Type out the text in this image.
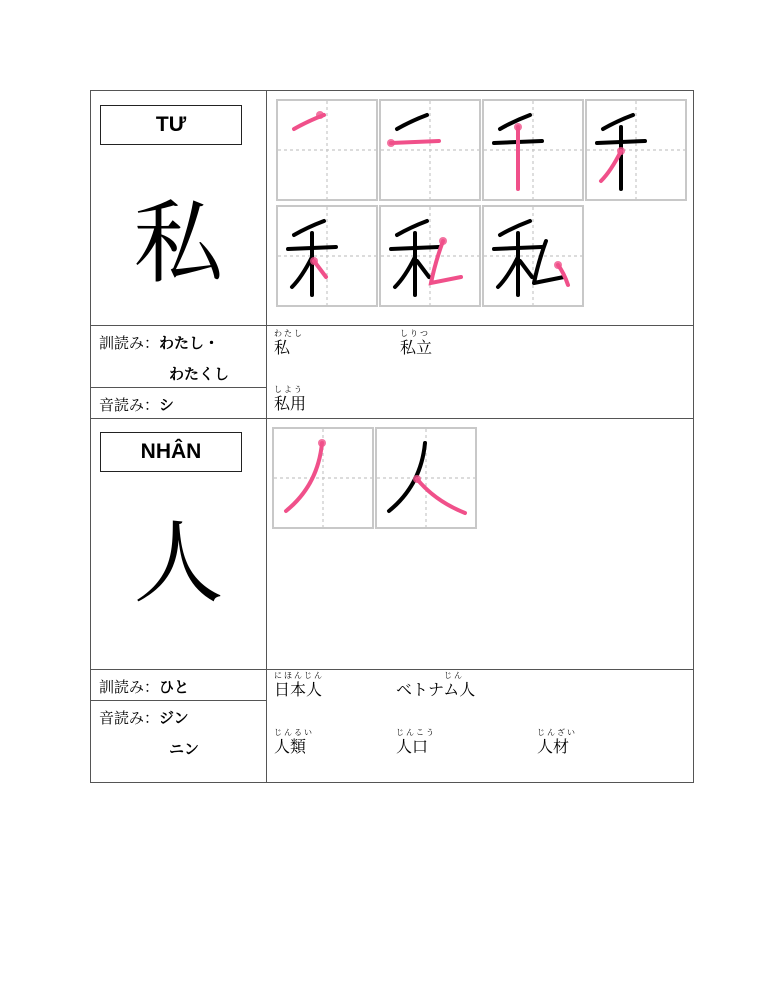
TƯ
私
訓読み：わたし・
わたくし
音読み：シ
わたし
私
しりつ
私立
しよう
私用
NHÂN
人
訓読み：ひと
音読み：ジン
ニン
にほんじん
日本人
じん
ベトナム人
じんるい
人類
じんこう
人口
じんざい
人材
